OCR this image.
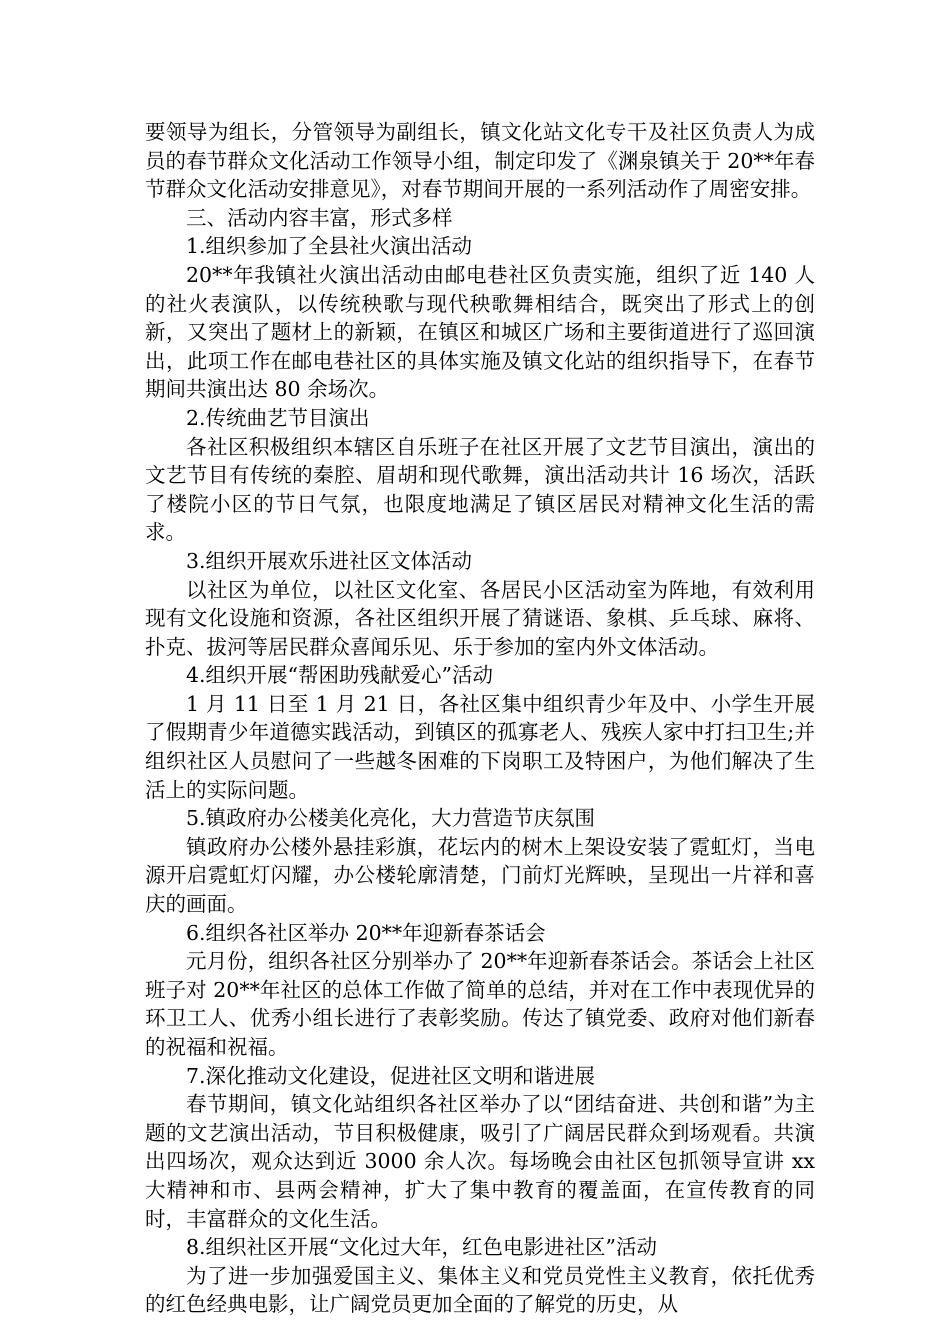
要领导为组长，分管领导为副组长，镇文化站文化专干及社区负责人为成员的春节群众文化活动工作领导小组，制定印发了《渊泉镇关于 20**年春节群众文化活动安排意见》，对春节期间开展的一系列活动作了周密安排。

三、活动内容丰富，形式多样

1.组织参加了全县社火演出活动

20**年我镇社火演出活动由邮电巷社区负责实施，组织了近 140 人的社火表演队，以传统秧歌与现代秧歌舞相结合，既突出了形式上的创新，又突出了题材上的新颖，在镇区和城区广场和主要街道进行了巡回演出，此项工作在邮电巷社区的具体实施及镇文化站的组织指导下，在春节期间共演出达 80 余场次。

2.传统曲艺节目演出

各社区积极组织本辖区自乐班子在社区开展了文艺节目演出，演出的文艺节目有传统的秦腔、眉胡和现代歌舞，演出活动共计 16 场次，活跃了楼院小区的节日气氛，也限度地满足了镇区居民对精神文化生活的需求。

3.组织开展欢乐进社区文体活动

以社区为单位，以社区文化室、各居民小区活动室为阵地，有效利用现有文化设施和资源，各社区组织开展了猜谜语、象棋、乒乓球、麻将、扑克、拔河等居民群众喜闻乐见、乐于参加的室内外文体活动。

4.组织开展“帮困助残献爱心”活动

1 月 11 日至 1 月 21 日，各社区集中组织青少年及中、小学生开展了假期青少年道德实践活动，到镇区的孤寡老人、残疾人家中打扫卫生;并组织社区人员慰问了一些越冬困难的下岗职工及特困户，为他们解决了生活上的实际问题。

5.镇政府办公楼美化亮化，大力营造节庆氛围

镇政府办公楼外悬挂彩旗，花坛内的树木上架设安装了霓虹灯，当电源开启霓虹灯闪耀，办公楼轮廓清楚，门前灯光辉映，呈现出一片祥和喜庆的画面。

6.组织各社区举办 20**年迎新春茶话会

元月份，组织各社区分别举办了 20**年迎新春茶话会。茶话会上社区班子对 20**年社区的总体工作做了简单的总结，并对在工作中表现优异的环卫工人、优秀小组长进行了表彰奖励。传达了镇党委、政府对他们新春的祝福和祝福。

7.深化推动文化建设，促进社区文明和谐进展

春节期间，镇文化站组织各社区举办了以“团结奋进、共创和谐”为主题的文艺演出活动，节目积极健康，吸引了广阔居民群众到场观看。共演出四场次，观众达到近 3000 余人次。每场晚会由社区包抓领导宣讲 xx 大精神和市、县两会精神，扩大了集中教育的覆盖面，在宣传教育的同时，丰富群众的文化生活。

8.组织社区开展“文化过大年，红色电影进社区”活动

为了进一步加强爱国主义、集体主义和党员党性主义教育，依托优秀的红色经典电影，让广阔党员更加全面的了解党的历史，从
